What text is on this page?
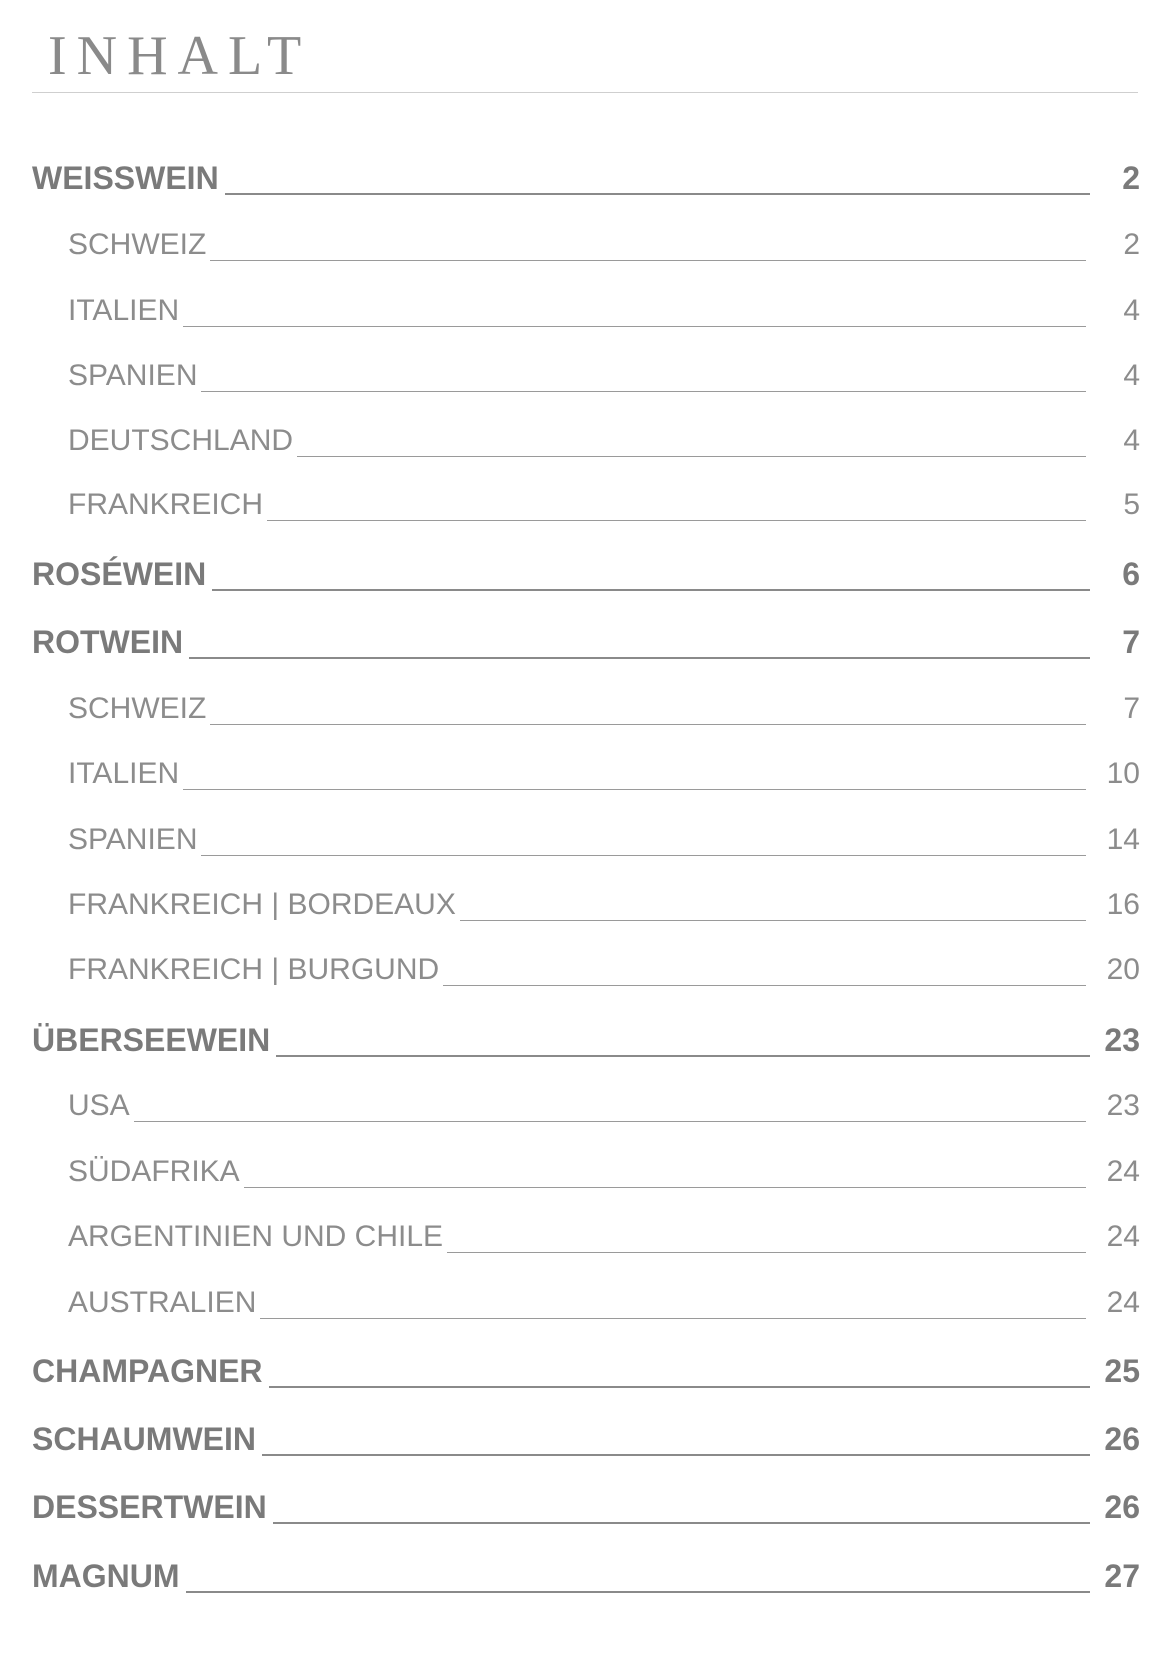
INHALT
WEISSWEIN	2
SCHWEIZ	2
ITALIEN	4
SPANIEN	4
DEUTSCHLAND	4
FRANKREICH	5
ROSÉWEIN	6
ROTWEIN	7
SCHWEIZ	7
ITALIEN	10
SPANIEN	14
FRANKREICH | BORDEAUX	16
FRANKREICH | BURGUND	20
ÜBERSEEWEIN	23
USA	23
SÜDAFRIKA	24
ARGENTINIEN UND CHILE	24
AUSTRALIEN	24
CHAMPAGNER	25
SCHAUMWEIN	26
DESSERTWEIN	26
MAGNUM	27
